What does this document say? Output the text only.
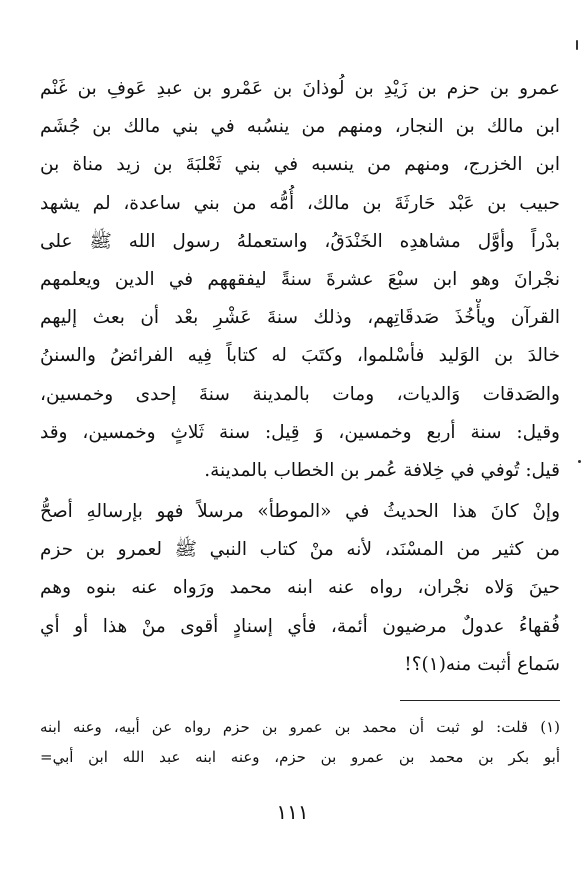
عمرو بن حزم بن زَيْدِ بن لُوذانَ بن عَمْرو بن عبدِ عَوفِ بن غَنْم
ابن مالك بن النجار، ومنهم من ينسُبه في بني مالك بن جُشَم
ابن الخزرج، ومنهم من ينسبه في بني ثَعْلبَةَ بن زيد مناة بن
حبيب بن عَبْد حَارثَةَ بن مالك، أُمُّه من بني ساعدة، لم يشهد
بدْراً وأوَّل مشاهدِه الخَنْدَقُ، واستعملهُ رسول الله ﷺ على
نجْرانَ وهو ابن سبْعَ عشرةَ سنةً ليفقههم في الدين ويعلمهم
القرآن ويأْخُذَ صَدقَاتِهم، وذلك سنةَ عَشْرِ بعْد أن بعث إليهم
خالدَ بن الوَليد فأسْلموا، وكتَبَ له كتاباً فِيه الفرائضُ والسننُ
والصَدقات وَالديات، ومات بالمدينة سنةَ إحدى وخمسين،
وقيل: سنة أربع وخمسين، وَ قِيل: سنة ثَلاثٍ وخمسين، وقد
قيل: تُوفي في خِلافة عُمر بن الخطاب بالمدينة.
وإنْ كانَ هذا الحديثُ في «الموطأ» مرسلاً فهو بإرسالهِ أصحُّ
من كثير من المسْنَد، لأنه منْ كتاب النبي ﷺ لعمرو بن حزم
حينَ وَلاه نجْران، رواه عنه ابنه محمد ورَواه عنه بنوه وهم
فُقهاءُ عدولٌ مرضيون أئمة، فأي إسنادٍ أقوى منْ هذا أو أي
سَماع أثبت منه(١)؟!
(١) قلت: لو ثبت أن محمد بن عمرو بن حزم رواه عن أبيه، وعنه ابنه
أبو بكر بن محمد بن عمرو بن حزم، وعنه ابنه عبد الله ابن أبي=
١١١
